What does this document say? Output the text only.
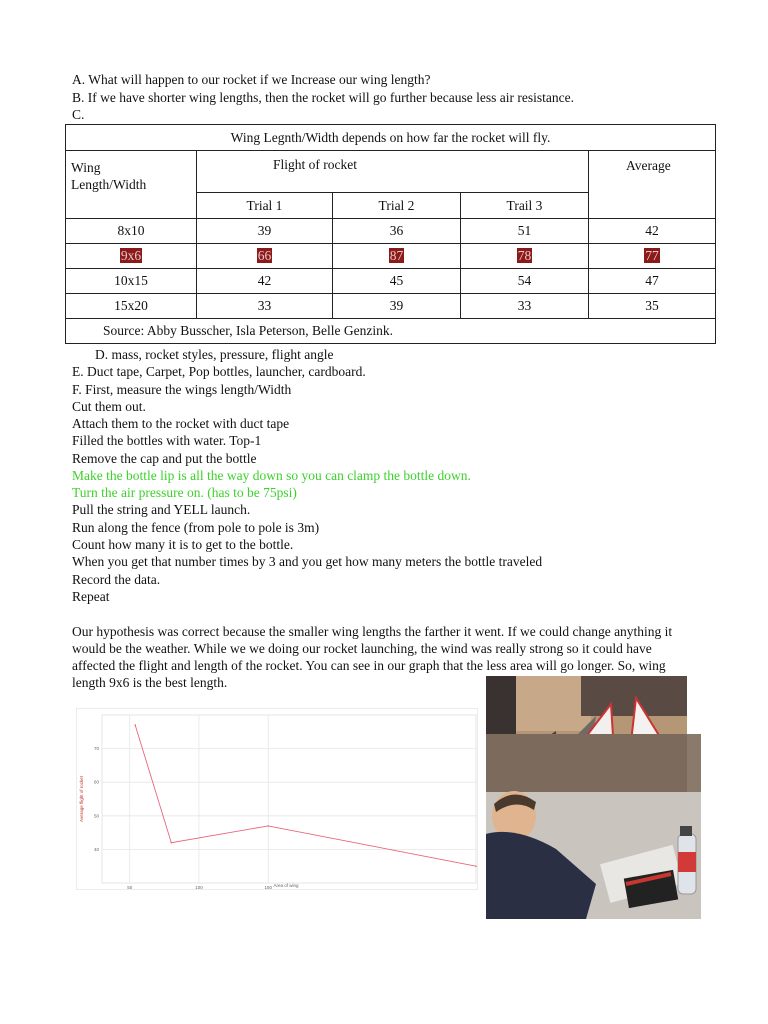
A. What will happen to our rocket if we Increase our wing length?
B. If we have shorter wing lengths, then the rocket will go further because less air resistance.
C.
Wing Legnth/Width depends on how far the rocket will fly.				

Wing
Length/Width	Flight of rocket			Average
	Trial 1	Trial 2	Trail 3	
8x10	39	36	51	42
9x6	66	87	78	77
10x15	42	45	54	47
15x20	33	39	33	35
Source: Abby Busscher, Isla Peterson, Belle Genzink.				
D. mass, rocket styles, pressure, flight angle
E. Duct tape, Carpet, Pop bottles, launcher, cardboard.
F. First, measure the wings length/Width
Cut them out.
Attach them to the rocket with duct tape
Filled the bottles with water. Top-1
Remove the cap and put the bottle
Make the bottle lip is all the way down so you can clamp the bottle down.
Turn the air pressure on. (has to be 75psi)
Pull the string and YELL launch.
Run along the fence (from pole to pole is 3m)
Count how many it is to get to the bottle.
When you get that number times by 3 and you get how many meters the bottle traveled
Record the data.
Repeat
Our hypothesis was correct because the smaller wing lengths the farther it went. If we could change anything it would be the weather. While we we doing our rocket launching, the wind was really strong so it could have affected the flight and length of the rocket. You can see in our graph that the less area will go longer. So, wing length 9x6 is the best length.
50	100	150
40
50
60
70
Area of wing
Average flight of rocket
